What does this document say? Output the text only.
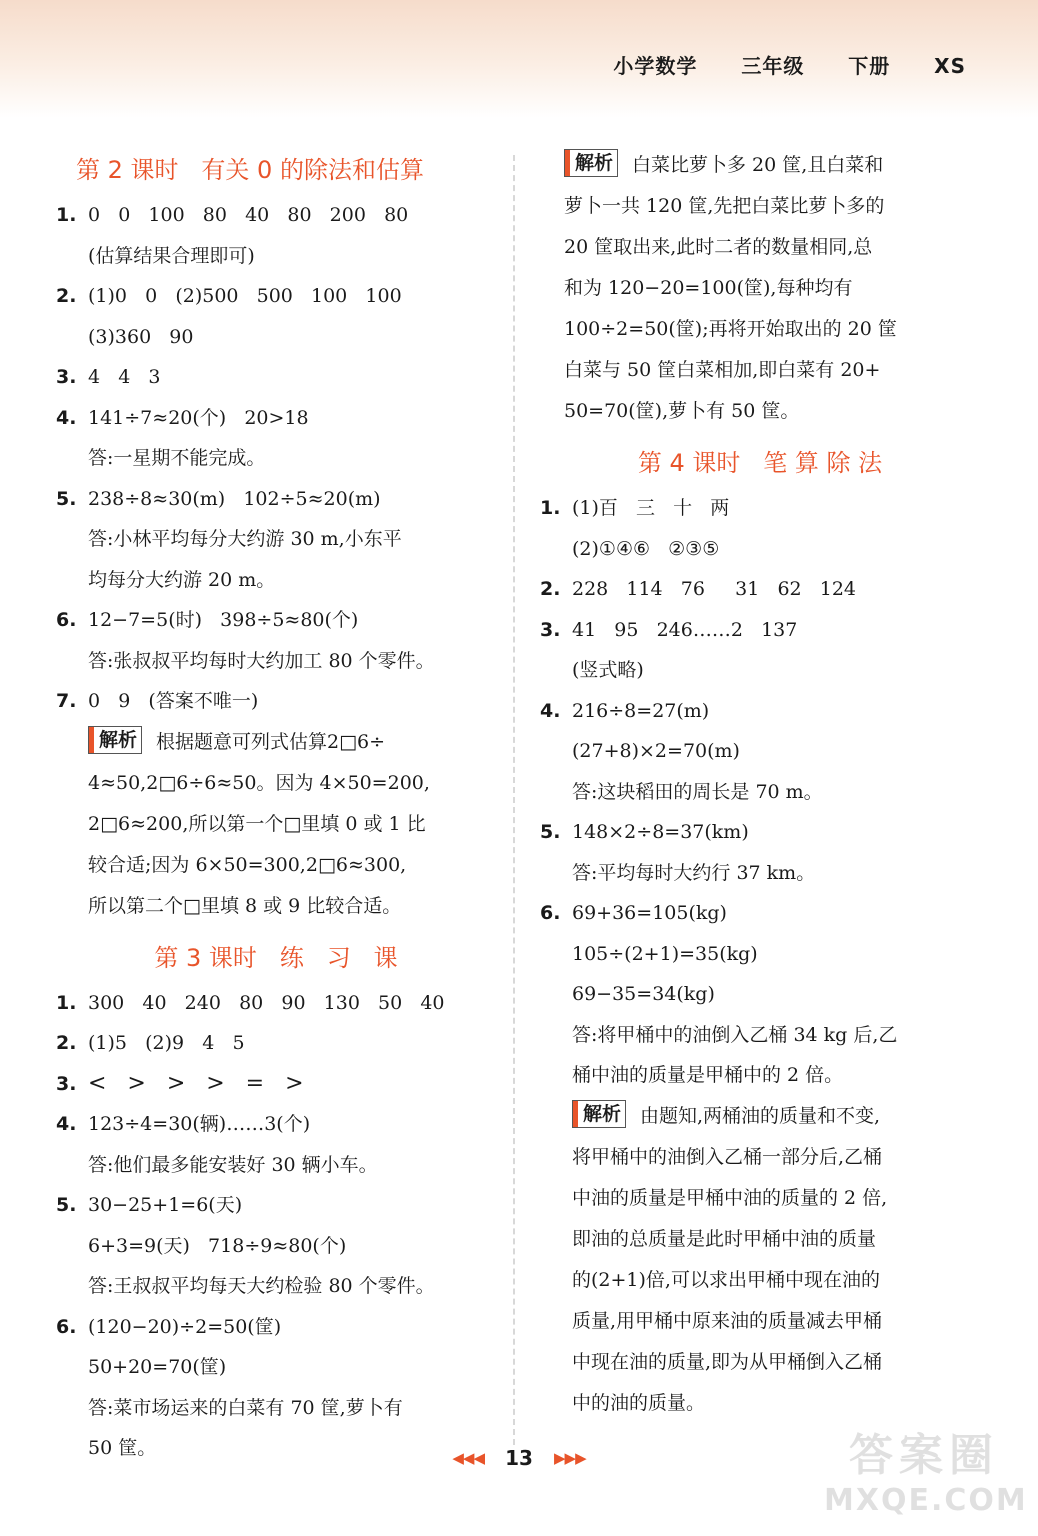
小学数学  三年级  下册  XS
第 2 课时   有关 0 的除法和估算
1. 0   0   100   80   40   80   200   80
(估算结果合理即可)
2. (1)0   0   (2)500   500   100   100
(3)360   90
3. 4   4   3
4. 141÷7≈20(个)   20>18
答:一星期不能完成。
5. 238÷8≈30(m)   102÷5≈20(m)
答:小林平均每分大约游 30 m,小东平
均每分大约游 20 m。
6. 12−7=5(时)   398÷5≈80(个)
答:张叔叔平均每时大约加工 80 个零件。
7. 0   9   (答案不唯一)
解析 根据题意可列式估算2□6÷
4≈50,2□6÷6≈50。因为 4×50=200,
2□6≈200,所以第一个□里填 0 或 1 比
较合适;因为 6×50=300,2□6≈300,
所以第二个□里填 8 或 9 比较合适。
第 3 课时   练   习   课
1. 300   40   240   80   90   130   50   40
2. (1)5   (2)9   4   5
3. <   >   >   >   =   >
4. 123÷4=30(辆)……3(个)
答:他们最多能安装好 30 辆小车。
5. 30−25+1=6(天)
6+3=9(天)   718÷9≈80(个)
答:王叔叔平均每天大约检验 80 个零件。
6. (120−20)÷2=50(筐)
50+20=70(筐)
答:菜市场运来的白菜有 70 筐,萝卜有
50 筐。
解析 白菜比萝卜多 20 筐,且白菜和
萝卜一共 120 筐,先把白菜比萝卜多的
20 筐取出来,此时二者的数量相同,总
和为 120−20=100(筐),每种均有
100÷2=50(筐);再将开始取出的 20 筐
白菜与 50 筐白菜相加,即白菜有 20+
50=70(筐),萝卜有 50 筐。
第 4 课时   笔 算 除 法
1. (1)百   三   十   两
(2)①④⑥   ②③⑤
2. 228   114   76     31   62   124
3. 41   95   246……2   137
(竖式略)
4. 216÷8=27(m)
(27+8)×2=70(m)
答:这块稻田的周长是 70 m。
5. 148×2÷8=37(km)
答:平均每时大约行 37 km。
6. 69+36=105(kg)
105÷(2+1)=35(kg)
69−35=34(kg)
答:将甲桶中的油倒入乙桶 34 kg 后,乙
桶中油的质量是甲桶中的 2 倍。
解析 由题知,两桶油的质量和不变,
将甲桶中的油倒入乙桶一部分后,乙桶
中油的质量是甲桶中油的质量的 2 倍,
即油的总质量是此时甲桶中油的质量
的(2+1)倍,可以求出甲桶中现在油的
质量,用甲桶中原来油的质量减去甲桶
中现在油的质量,即为从甲桶倒入乙桶
中的油的质量。
◀◀◀ 13 ▶▶▶	答案圈
MXQE.COM
